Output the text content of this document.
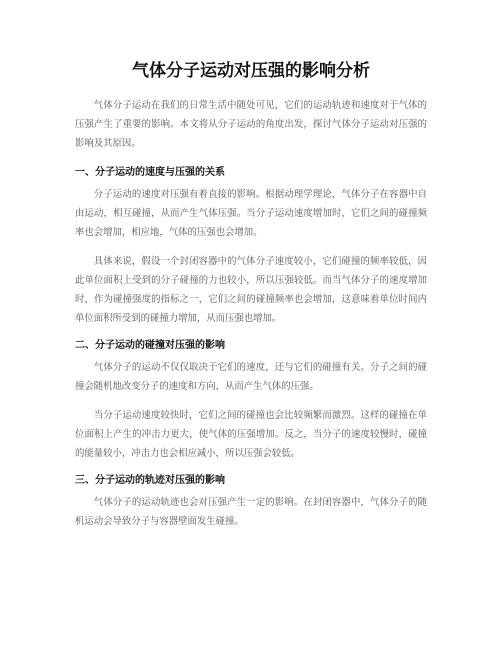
气体分子运动对压强的影响分析

气体分子运动在我们的日常生活中随处可见，它们的运动轨迹和速度对于气体的压强产生了重要的影响。本文将从分子运动的角度出发，探讨气体分子运动对压强的影响及其原因。

一、分子运动的速度与压强的关系

分子运动的速度对压强有着直接的影响。根据动理学理论，气体分子在容器中自由运动，相互碰撞，从而产生气体压强。当分子运动速度增加时，它们之间的碰撞频率也会增加，相应地，气体的压强也会增加。

具体来说，假设一个封闭容器中的气体分子速度较小，它们碰撞的频率较低，因此单位面积上受到的分子碰撞的力也较小，所以压强较低。而当气体分子的速度增加时，作为碰撞强度的指标之一，它们之间的碰撞频率也会增加，这意味着单位时间内单位面积所受到的碰撞力增加，从而压强也增加。

二、分子运动的碰撞对压强的影响

气体分子的运动不仅仅取决于它们的速度，还与它们的碰撞有关。分子之间的碰撞会随机地改变分子的速度和方向，从而产生气体的压强。

当分子运动速度较快时，它们之间的碰撞也会比较频繁而激烈。这样的碰撞在单位面积上产生的冲击力更大，使气体的压强增加。反之，当分子的速度较慢时，碰撞的能量较小，冲击力也会相应减小，所以压强会较低。

三、分子运动的轨迹对压强的影响

气体分子的运动轨迹也会对压强产生一定的影响。在封闭容器中，气体分子的随机运动会导致分子与容器壁面发生碰撞。
